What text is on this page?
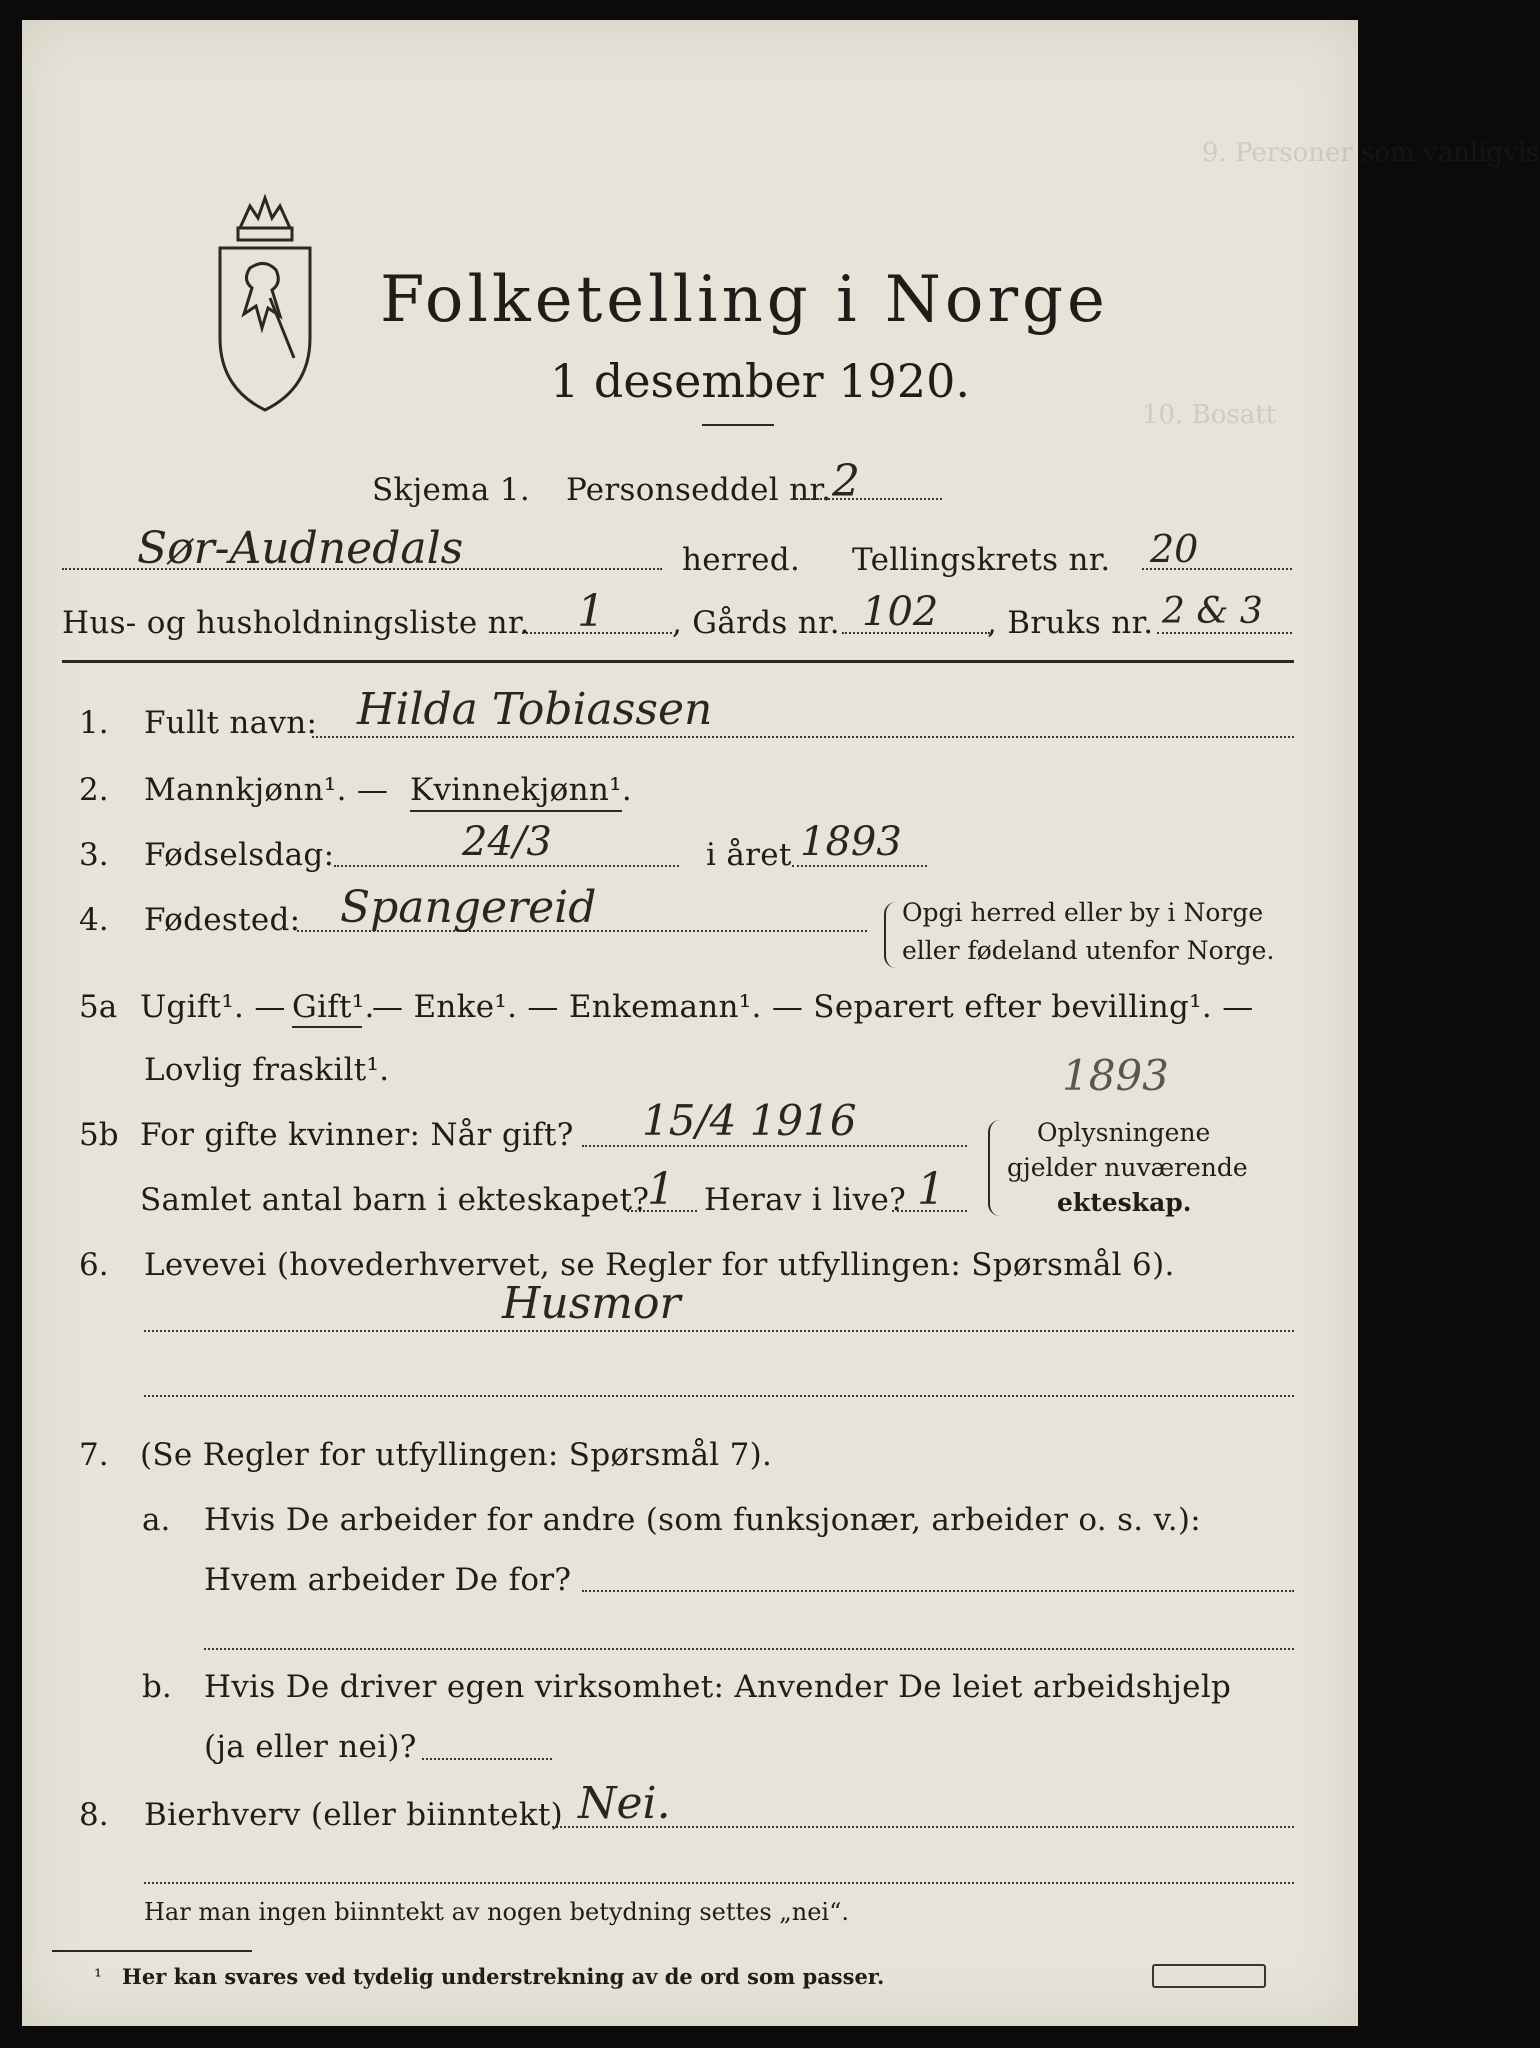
9. Personer som vanligvis
10. Bosatt
Folketelling i Norge
1 desember 1920.
Skjema 1. Personseddel nr. 2
Sør-Audnedals	herred. Tellingskrets nr. 20
Hus- og husholdningsliste nr. 1 , Gårds nr. 102 , Bruks nr. 2 & 3
1. Fullt navn: Hilda Tobiassen
2. Mannkjønn¹. — Kvinnekjønn¹.
3. Fødselsdag:	24/3	i året 1893
4. Fødested: Spangereid	Opgi herred eller by i Norge
eller fødeland utenfor Norge.
5a Ugift¹. — Gift¹.
— Enke¹. — Enkemann¹. — Separert efter bevilling¹. —
Lovlig fraskilt¹.	1893
5b For gifte kvinner: Når gift? 15/4 1916
Samlet antal barn i ekteskapet?
1 Herav i live? 1
Oplysningene
gjelder nuværende
ekteskap.
6. Levevei (hovederhvervet, se Regler for utfyllingen: Spørsmål 6).
Husmor
7. (Se Regler for utfyllingen: Spørsmål 7).
a. Hvis De arbeider for andre (som funksjonær, arbeider o. s. v.):
Hvem arbeider De for?
b. Hvis De driver egen virksomhet: Anvender De leiet arbeidshjelp
(ja eller nei)?
8. Bierhverv (eller biinntekt) Nei.
Har man ingen biinntekt av nogen betydning settes „nei“.
¹ Her kan svares ved tydelig understrekning av de ord som passer.
